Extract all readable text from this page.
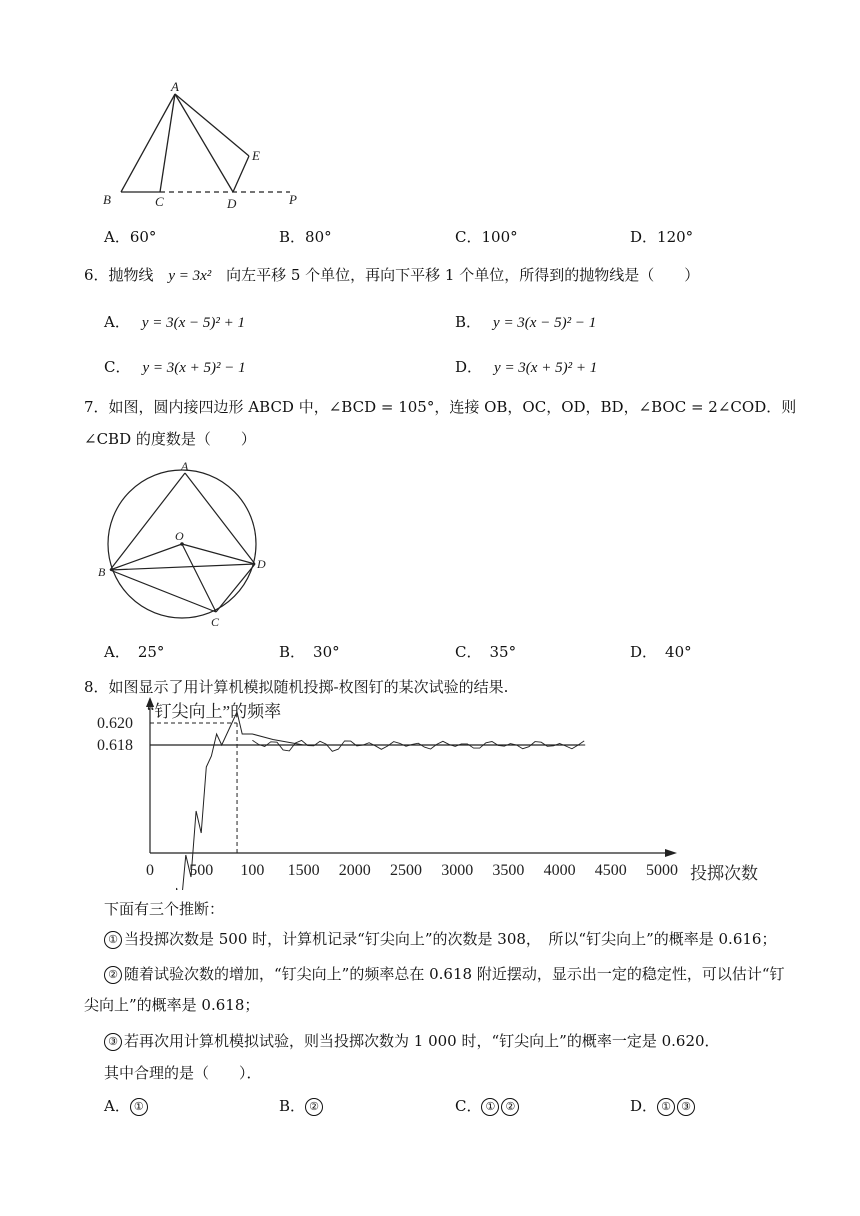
A
B	C	D
E
P
A．60°	B．80°	C．100°	D．120°
6．抛物线 y = 3x² 向左平移 5 个单位，再向下平移 1 个单位，所得到的抛物线是（　　）
A． y = 3(x − 5)² + 1	B． y = 3(x − 5)² − 1
C． y = 3(x + 5)² − 1	D． y = 3(x + 5)² + 1
7．如图，圆内接四边形 ABCD 中，∠BCD = 105°，连接 OB，OC，OD，BD，∠BOC = 2∠COD．则
∠CBD 的度数是（　　）
A
B
C
D
O
A． 25°	B． 30°	C． 35°	D． 40°
8．如图显示了用计算机模拟随机投掷-枚图钉的某次试验的结果.
“钉尖向上”的频率
0.620
0.618
0 500 100 1500 2000 2500 3000 3500 4000 4500 5000 投掷次数
下面有三个推断：
① 当投掷次数是 500 时，计算机记录“钉尖向上”的次数是 308，　所以“钉尖向上”的概率是 0.616；
② 随着试验次数的增加，“钉尖向上”的频率总在 0.618 附近摆动，显示出一定的稳定性，可以估计“钉
尖向上”的概率是 0.618；
③ 若再次用计算机模拟试验，则当投掷次数为 1 000 时，“钉尖向上”的概率一定是 0.620．
其中合理的是（　　）．
A． ①	B． ②	C． ① ②	D． ① ③
